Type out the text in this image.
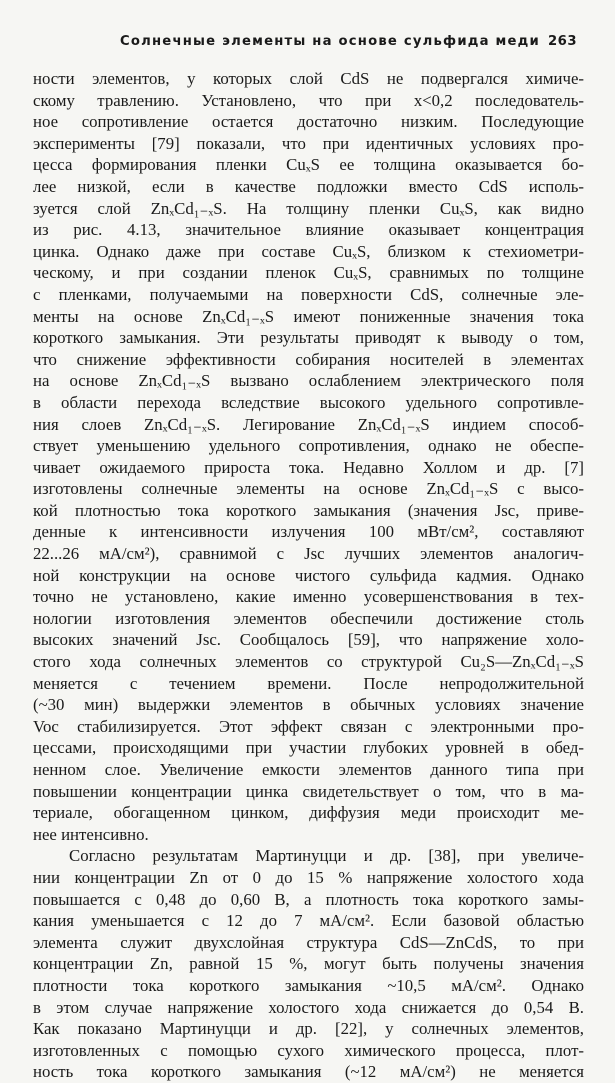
Солнечные элементы на основе сульфида меди 263
ности элементов, у которых слой CdS не подвергался химиче-
скому травлению. Установлено, что при x<0,2 последователь-
ное сопротивление остается достаточно низким. Последующие
эксперименты [79] показали, что при идентичных условиях про-
цесса формирования пленки CuₓS ее толщина оказывается бо-
лее низкой, если в качестве подложки вместо CdS исполь-
зуется слой ZnₓCd₁₋ₓS. На толщину пленки CuₓS, как видно
из рис. 4.13, значительное влияние оказывает концентрация
цинка. Однако даже при составе CuₓS, близком к стехиометри-
ческому, и при создании пленок CuₓS, сравнимых по толщине
с пленками, получаемыми на поверхности CdS, солнечные эле-
менты на основе ZnₓCd₁₋ₓS имеют пониженные значения тока
короткого замыкания. Эти результаты приводят к выводу о том,
что снижение эффективности собирания носителей в элементах
на основе ZnₓCd₁₋ₓS вызвано ослаблением электрического поля
в области перехода вследствие высокого удельного сопротивле-
ния слоев ZnₓCd₁₋ₓS. Легирование ZnₓCd₁₋ₓS индием способ-
ствует уменьшению удельного сопротивления, однако не обеспе-
чивает ожидаемого прироста тока. Недавно Холлом и др. [7]
изготовлены солнечные элементы на основе ZnₓCd₁₋ₓS с высо-
кой плотностью тока короткого замыкания (значения Jsc, приве-
денные к интенсивности излучения 100 мВт/см², составляют
22...26 мА/см²), сравнимой с Jsc лучших элементов аналогич-
ной конструкции на основе чистого сульфида кадмия. Однако
точно не установлено, какие именно усовершенствования в тех-
нологии изготовления элементов обеспечили достижение столь
высоких значений Jsc. Сообщалось [59], что напряжение холо-
стого хода солнечных элементов со структурой Cu₂S—ZnₓCd₁₋ₓS
меняется с течением времени. После непродолжительной
(~30 мин) выдержки элементов в обычных условиях значение
Voc стабилизируется. Этот эффект связан с электронными про-
цессами, происходящими при участии глубоких уровней в обед-
ненном слое. Увеличение емкости элементов данного типа при
повышении концентрации цинка свидетельствует о том, что в ма-
териале, обогащенном цинком, диффузия меди происходит ме-
нее интенсивно.
Согласно результатам Мартинуцци и др. [38], при увеличе-
нии концентрации Zn от 0 до 15 % напряжение холостого хода
повышается с 0,48 до 0,60 В, а плотность тока короткого замы-
кания уменьшается с 12 до 7 мА/см². Если базовой областью
элемента служит двухслойная структура CdS—ZnCdS, то при
концентрации Zn, равной 15 %, могут быть получены значения
плотности тока короткого замыкания ~10,5 мА/см². Однако
в этом случае напряжение холостого хода снижается до 0,54 В.
Как показано Мартинуцци и др. [22], у солнечных элементов,
изготовленных с помощью сухого химического процесса, плот-
ность тока короткого замыкания (~12 мА/см²) не меняется
